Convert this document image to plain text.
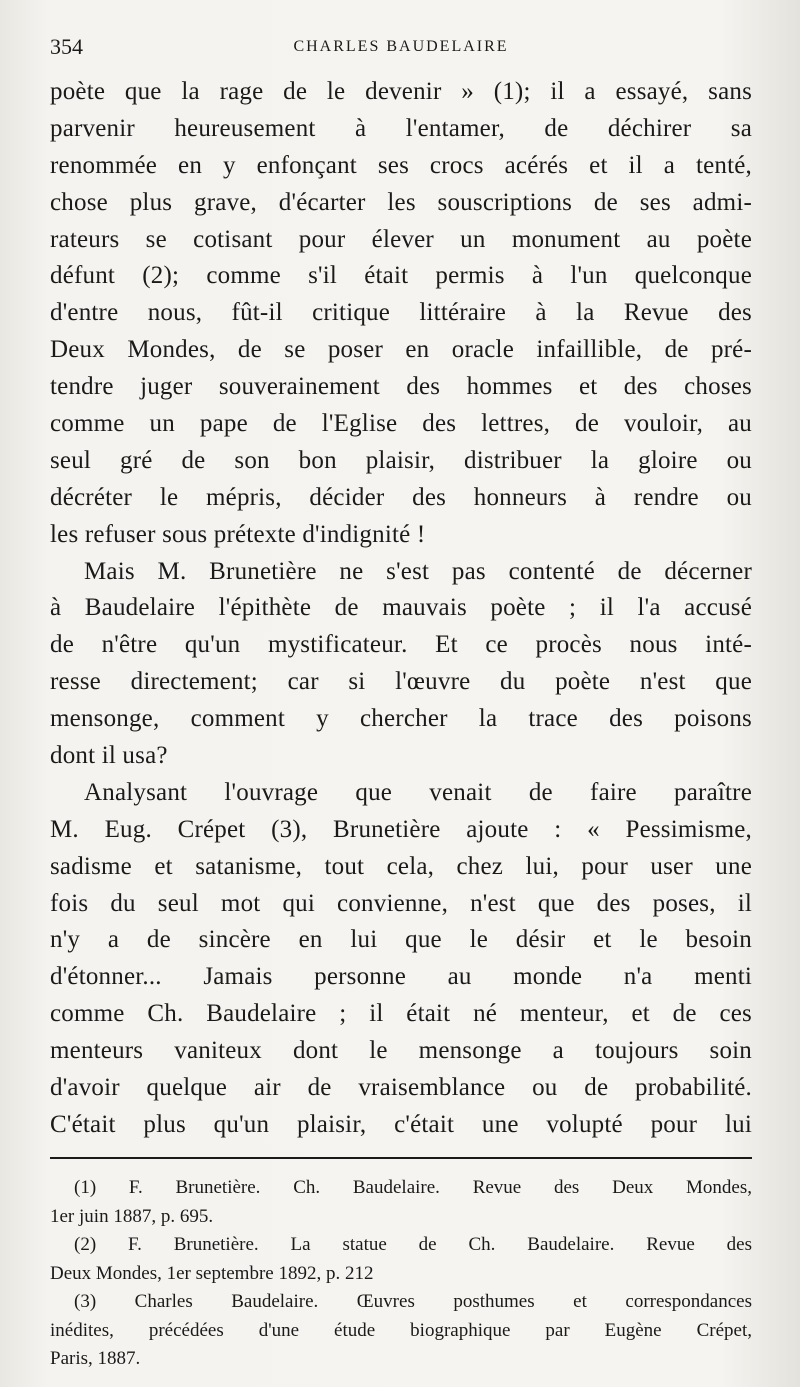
354	CHARLES BAUDELAIRE
poète que la rage de le devenir » (1); il a essayé, sans
parvenir heureusement à l'entamer, de déchirer sa
renommée en y enfonçant ses crocs acérés et il a tenté,
chose plus grave, d'écarter les souscriptions de ses admi-
rateurs se cotisant pour élever un monument au poète
défunt (2); comme s'il était permis à l'un quelconque
d'entre nous, fût-il critique littéraire à la Revue des
Deux Mondes, de se poser en oracle infaillible, de pré-
tendre juger souverainement des hommes et des choses
comme un pape de l'Eglise des lettres, de vouloir, au
seul gré de son bon plaisir, distribuer la gloire ou
décréter le mépris, décider des honneurs à rendre ou
les refuser sous prétexte d'indignité !
Mais M. Brunetière ne s'est pas contenté de décerner
à Baudelaire l'épithète de mauvais poète ; il l'a accusé
de n'être qu'un mystificateur. Et ce procès nous inté-
resse directement; car si l'œuvre du poète n'est que
mensonge, comment y chercher la trace des poisons
dont il usa?
Analysant l'ouvrage que venait de faire paraître
M. Eug. Crépet (3), Brunetière ajoute : « Pessimisme,
sadisme et satanisme, tout cela, chez lui, pour user une
fois du seul mot qui convienne, n'est que des poses, il
n'y a de sincère en lui que le désir et le besoin
d'étonner... Jamais personne au monde n'a menti
comme Ch. Baudelaire ; il était né menteur, et de ces
menteurs vaniteux dont le mensonge a toujours soin
d'avoir quelque air de vraisemblance ou de probabilité.
C'était plus qu'un plaisir, c'était une volupté pour lui
(1) F. Brunetière. Ch. Baudelaire. Revue des Deux Mondes,
1er juin 1887, p. 695.
(2) F. Brunetière. La statue de Ch. Baudelaire. Revue des
Deux Mondes, 1er septembre 1892, p. 212
(3) Charles Baudelaire. Œuvres posthumes et correspondances
inédites, précédées d'une étude biographique par Eugène Crépet,
Paris, 1887.
